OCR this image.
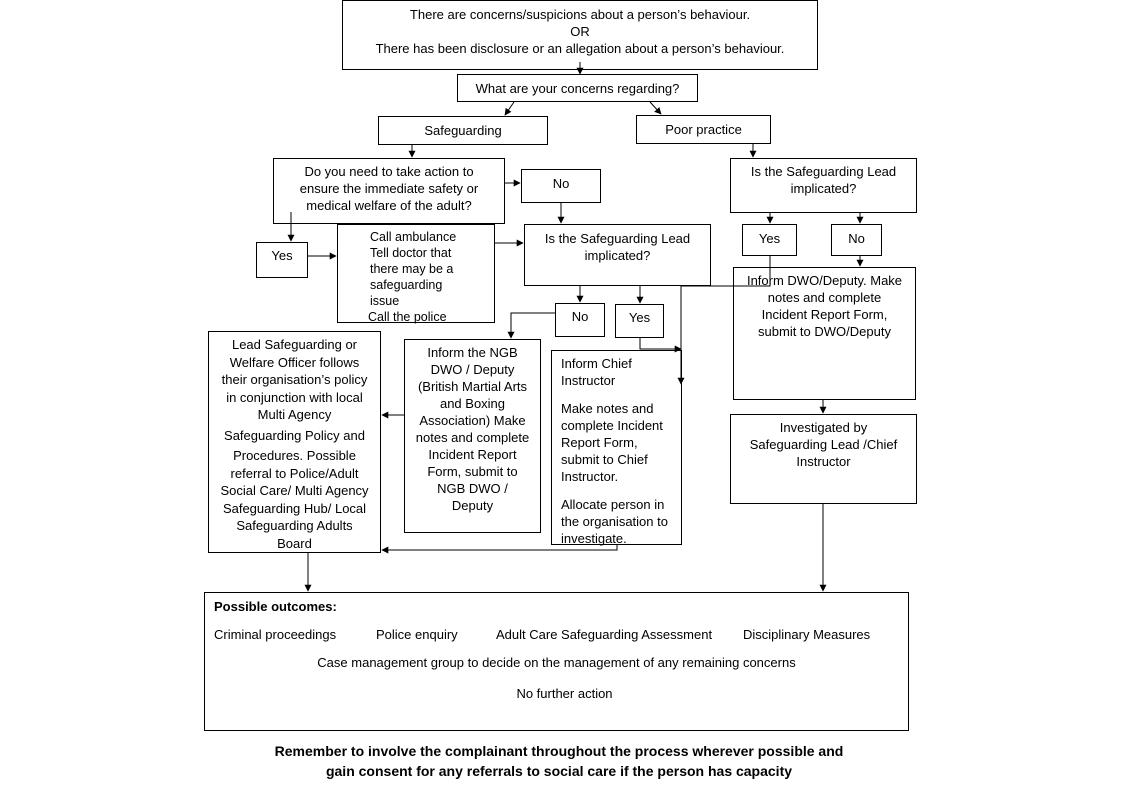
There are concerns/suspicions about a person’s behaviour.
OR
There has been disclosure or an allegation about a person’s behaviour.
What are your concerns regarding?
Safeguarding	Poor practice
Do you need to take action to
ensure the immediate safety or
medical welfare of the adult?
No
Yes
Call ambulance
Tell doctor that
there may be a
safeguarding
issue
Call the police
Is the Safeguarding Lead
implicated?
No	Yes
Is the Safeguarding Lead
implicated?
Yes	No
Inform DWO/Deputy. Make
notes and complete
Incident Report Form,
submit to DWO/Deputy
Lead Safeguarding or
Welfare Officer follows
their organisation’s policy
in conjunction with local
Multi Agency
Safeguarding Policy and
Procedures. Possible
referral to Police/Adult
Social Care/ Multi Agency
Safeguarding Hub/ Local
Safeguarding Adults
Board
Inform the NGB
DWO / Deputy
(British Martial Arts
and Boxing
Association) Make
notes and complete
Incident Report
Form, submit to
NGB DWO /
Deputy

Inform Chief
Instructor

Make notes and
complete Incident
Report Form,
submit to Chief
Instructor.

Allocate person in
the organisation to
investigate.

Investigated by
Safeguarding Lead /Chief
Instructor
Possible outcomes:
Criminal proceedings	Police enquiry	Adult Care Safeguarding Assessment Disciplinary Measures
Case management group to decide on the management of any remaining concerns
No further action
Remember to involve the complainant throughout the process wherever possible and
gain consent for any referrals to social care if the person has capacity
